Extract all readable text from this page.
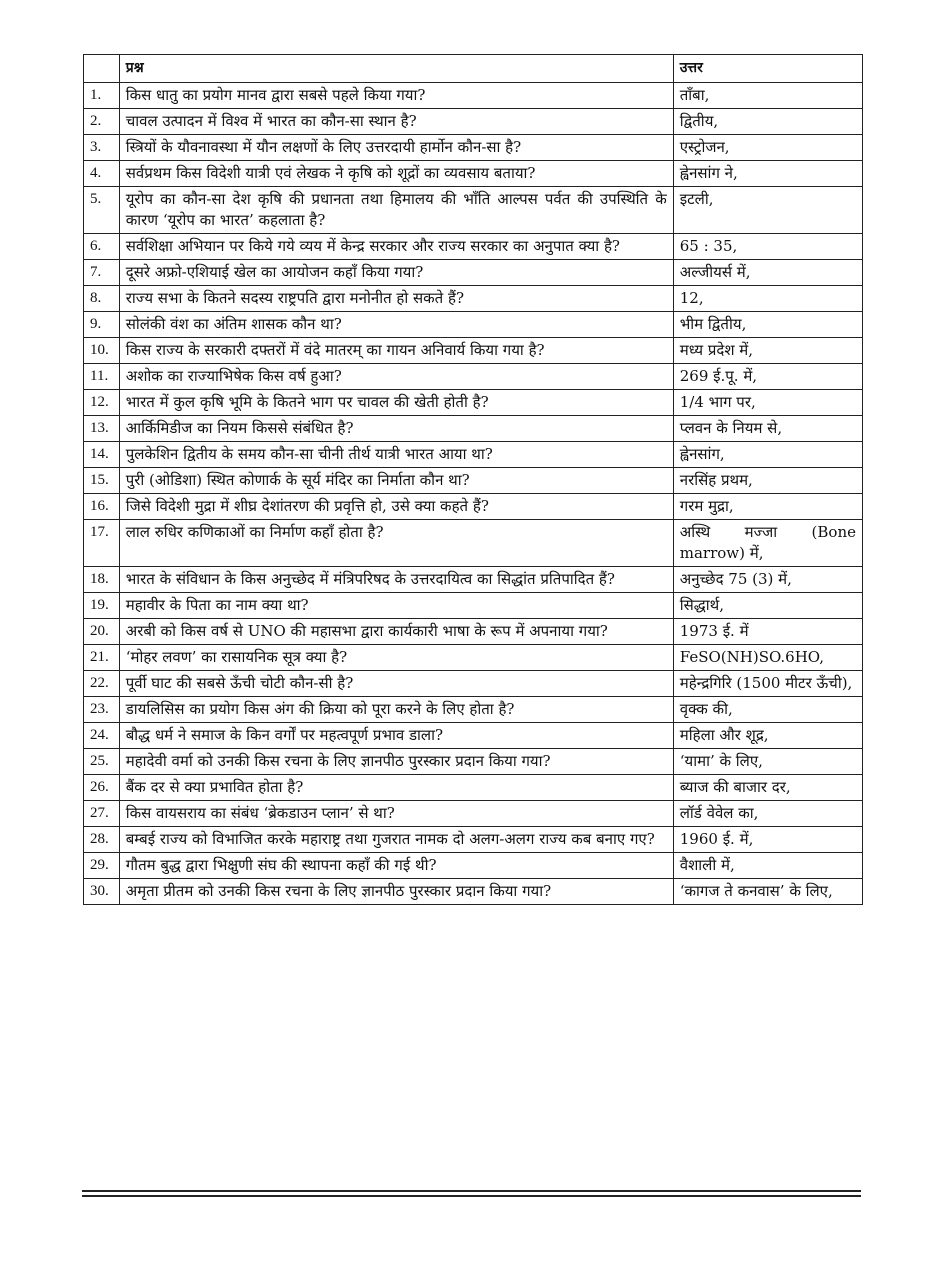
	प्रश्न	उत्तर
1.	किस धातु का प्रयोग मानव द्वारा सबसे पहले किया गया?	ताँबा,
2.	चावल उत्पादन में विश्व में भारत का कौन-सा स्थान है?	द्वितीय,
3.	स्त्रियों के यौवनावस्था में यौन लक्षणों के लिए उत्तरदायी हार्मोन कौन-सा है?	एस्ट्रोजन,
4.	सर्वप्रथम किस विदेशी यात्री एवं लेखक ने कृषि को शूद्रों का व्यवसाय बताया?	ह्वेनसांग ने,
5.	यूरोप का कौन-सा देश कृषि की प्रधानता तथा हिमालय की भाँति आल्पस पर्वत की उपस्थिति के कारण ‘यूरोप का भारत’ कहलाता है?	इटली,
6.	सर्वशिक्षा अभियान पर किये गये व्यय में केन्द्र सरकार और राज्य सरकार का अनुपात क्या है?	65 : 35,
7.	दूसरे अफ्रो-एशियाई खेल का आयोजन कहाँ किया गया?	अल्जीयर्स में,
8.	राज्य सभा के कितने सदस्य राष्ट्रपति द्वारा मनोनीत हो सकते हैं?	12,
9.	सोलंकी वंश का अंतिम शासक कौन था?	भीम द्वितीय,
10.	किस राज्य के सरकारी दफ्तरों में वंदे मातरम् का गायन अनिवार्य किया गया है?	मध्य प्रदेश में,
11.	अशोक का राज्याभिषेक किस वर्ष हुआ?	269 ई.पू. में,
12.	भारत में कुल कृषि भूमि के कितने भाग पर चावल की खेती होती है?	1/4 भाग पर,
13.	आर्किमिडीज का नियम किससे संबंधित है?	प्लवन के नियम से,
14.	पुलकेशिन द्वितीय के समय कौन-सा चीनी तीर्थ यात्री भारत आया था?	ह्वेनसांग,
15.	पुरी (ओडिशा) स्थित कोणार्क के सूर्य मंदिर का निर्माता कौन था?	नरसिंह प्रथम,
16.	जिसे विदेशी मुद्रा में शीघ्र देशांतरण की प्रवृत्ति हो, उसे क्या कहते हैं?	गरम मुद्रा,
17.	लाल रुधिर कणिकाओं का निर्माण कहाँ होता है?	अस्थि मज्जा (Bone marrow) में,
18.	भारत के संविधान के किस अनुच्छेद में मंत्रिपरिषद के उत्तरदायित्व का सिद्धांत प्रतिपादित हैं?	अनुच्छेद 75 (3) में,
19.	महावीर के पिता का नाम क्या था?	सिद्धार्थ,
20.	अरबी को किस वर्ष से UNO की महासभा द्वारा कार्यकारी भाषा के रूप में अपनाया गया?	1973 ई. में
21.	‘मोहर लवण’ का रासायनिक सूत्र क्या है?	FeSO(NH)SO.6HO,
22.	पूर्वी घाट की सबसे ऊँची चोटी कौन-सी है?	महेन्द्रगिरि (1500 मीटर ऊँची),
23.	डायलिसिस का प्रयोग किस अंग की क्रिया को पूरा करने के लिए होता है?	वृक्क की,
24.	बौद्ध धर्म ने समाज के किन वर्गों पर महत्वपूर्ण प्रभाव डाला?	महिला और शूद्र,
25.	महादेवी वर्मा को उनकी किस रचना के लिए ज्ञानपीठ पुरस्कार प्रदान किया गया?	‘यामा’ के लिए,
26.	बैंक दर से क्या प्रभावित होता है?	ब्याज की बाजार दर,
27.	किस वायसराय का संबंध ‘ब्रेकडाउन प्लान’ से था?	लॉर्ड वेवेल का,
28.	बम्बई राज्य को विभाजित करके महाराष्ट्र तथा गुजरात नामक दो अलग-अलग राज्य कब बनाए गए?	1960 ई. में,
29.	गौतम बुद्ध द्वारा भिक्षुणी संघ की स्थापना कहाँ की गई थी?	वैशाली में,
30.	अमृता प्रीतम को उनकी किस रचना के लिए ज्ञानपीठ पुरस्कार प्रदान किया गया?	‘कागज ते कनवास’ के लिए,
